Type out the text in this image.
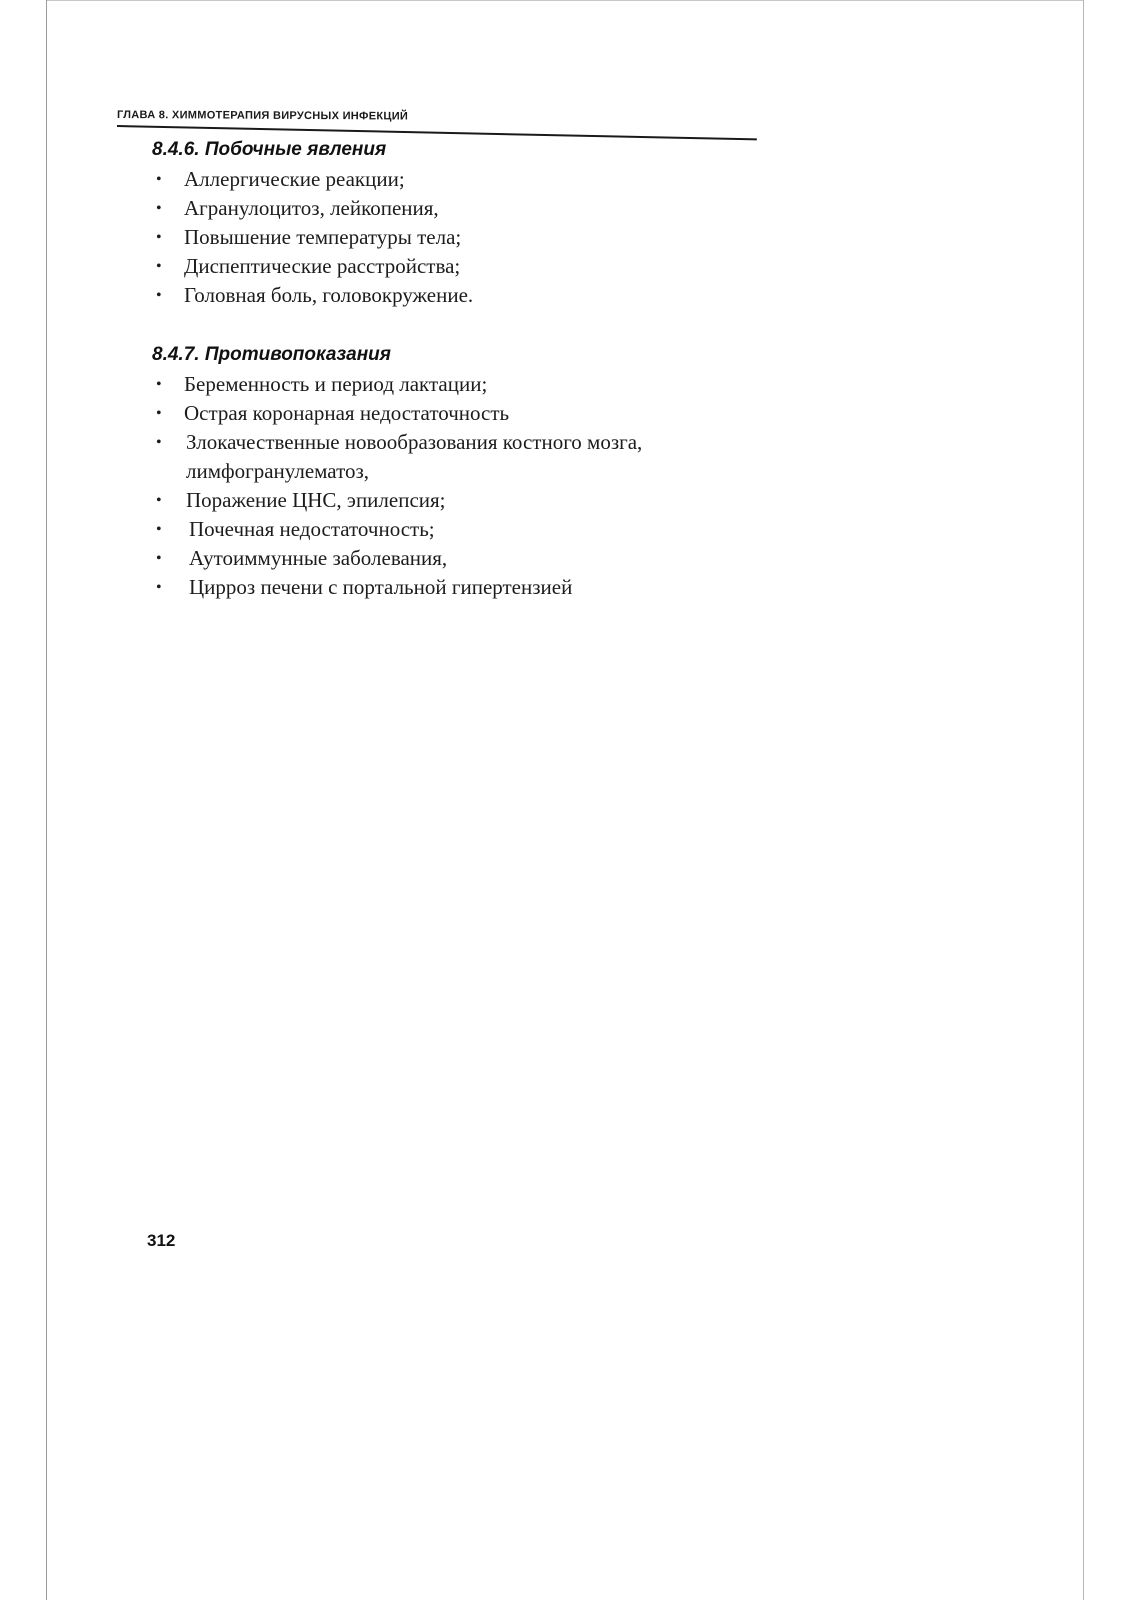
ГЛАВА 8. ХИММОТЕРАПИЯ ВИРУСНЫХ ИНФЕКЦИЙ
8.4.6. Побочные явления
• Аллергические реакции;
• Агранулоцитоз, лейкопения,
• Повышение температуры тела;
• Диспептические расстройства;
• Головная боль, головокружение.
8.4.7. Противопоказания
• Беременность и период лактации;
• Острая коронарная недостаточность
• Злокачественные новообразования костного мозга,
лимфогранулематоз,
• Поражение ЦНС, эпилепсия;
• Почечная недостаточность;
• Аутоиммунные заболевания,
• Цирроз печени с портальной гипертензией
312
